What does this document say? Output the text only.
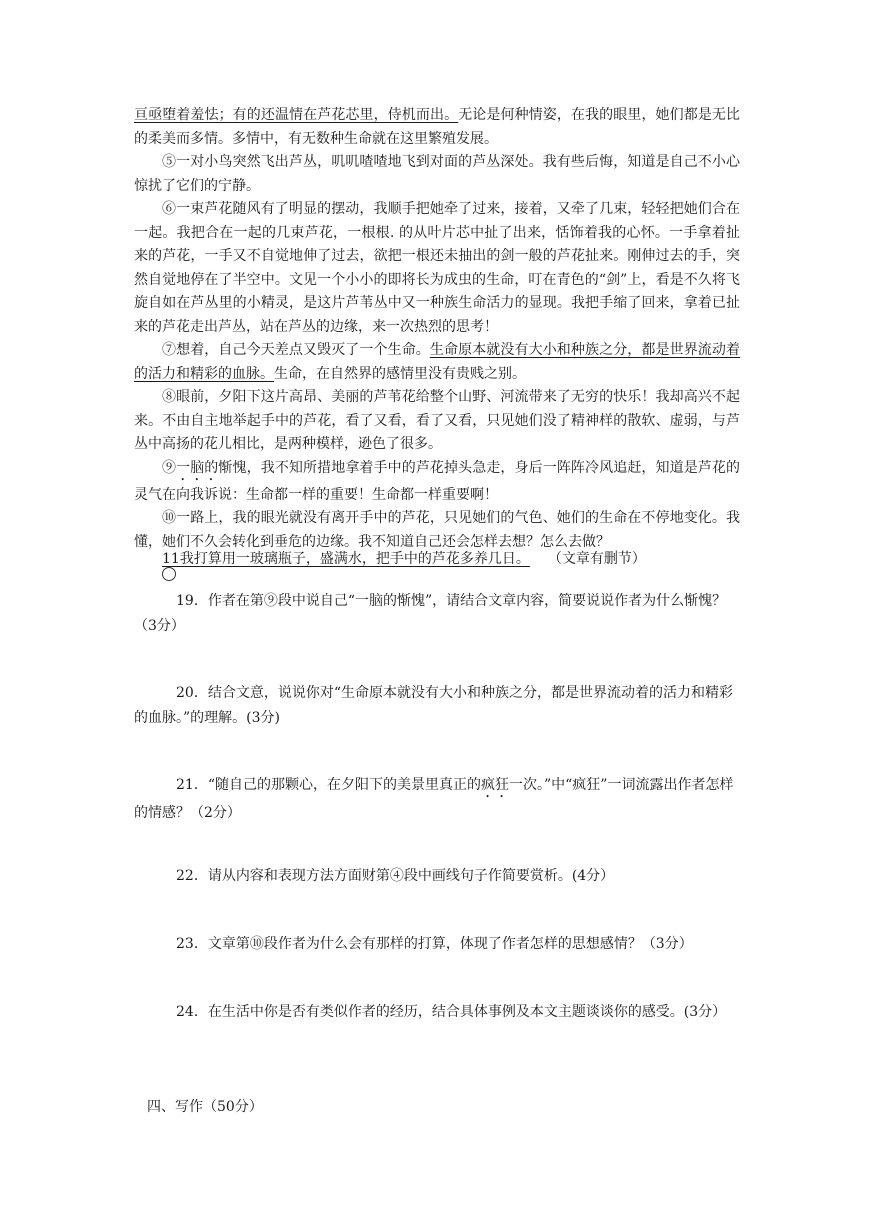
亘亟堕着羞怯；有的还温情在芦花芯里，侍机而出。无论是何种情姿，在我的眼里，她们都是无比的柔美而多情。多情中，有无数种生命就在这里繁殖发展。

⑤一对小鸟突然飞出芦丛，叽叽喳喳地飞到对面的芦丛深处。我有些后悔，知道是自己不小心惊扰了它们的宁静。

⑥一束芦花随风有了明显的摆动，我顺手把她牵了过来，接着，又牵了几束，轻轻把她们合在一起。我把合在一起的几束芦花，一根根. 的从叶片芯中扯了出来，恬饰着我的心怀。一手拿着扯来的芦花，一手又不自觉地伸了过去，欲把一根还未抽出的剑一般的芦花扯来。刚伸过去的手，突然自觉地停在了半空中。文见一个小小的即将长为成虫的生命，叮在青色的“剑”上，看是不久将飞旋自如在芦丛里的小精灵，是这片芦苇丛中又一种族生命活力的显现。我把手缩了回来，拿着已扯来的芦花走出芦丛，站在芦丛的边缘，来一次热烈的思考！

⑦想着，自己今天差点又毁灭了一个生命。生命原本就没有大小和种族之分，都是世界流动着的活力和精彩的血脉。生命，在自然界的感情里没有贵贱之别。

⑧眼前，夕阳下这片高昂、美丽的芦苇花给整个山野、河流带来了无穷的快乐！我却高兴不起来。不由自主地举起手中的芦花，看了又看，看了又看，只见她们没了精神样的散软、虚弱，与芦丛中高扬的花儿相比，是两种模样，逊色了很多。

⑨一脑的惭愧，我不知所措地拿着手中的芦花掉头急走，身后一阵阵冷风追赶，知道是芦花的灵气在向我诉说：生命都一样的重要！生命都一样重要啊！

⑩一路上，我的眼光就没有离开手中的芦花，只见她们的气色、她们的生命在不停地变化。我懂，她们不久会转化到垂危的边缘。我不知道自己还会怎样去想？怎么去做？

11我打算用一玻璃瓶子，盛满水，把手中的芦花多养几日。 （文章有删节）

19．作者在第⑨段中说自己“一脑的惭愧”，请结合文章内容，简要说说作者为什么惭愧？（3分）

20．结合文意，说说你对“生命原本就没有大小和种族之分，都是世界流动着的活力和精彩的血脉。”的理解。(3分)

21．“随自己的那颗心，在夕阳下的美景里真正的疯狂一次。”中“疯狂”一词流露出作者怎样的情感？（2分）

22．请从内容和表现方法方面财第④段中画线句子作简要赏析。(4分）

23．文章第⑩段作者为什么会有那样的打算，体现了作者怎样的思想感情？（3分）

24．在生活中你是否有类似作者的经历，结合具体事例及本文主题谈谈你的感受。(3分）

四、写作（50分）
